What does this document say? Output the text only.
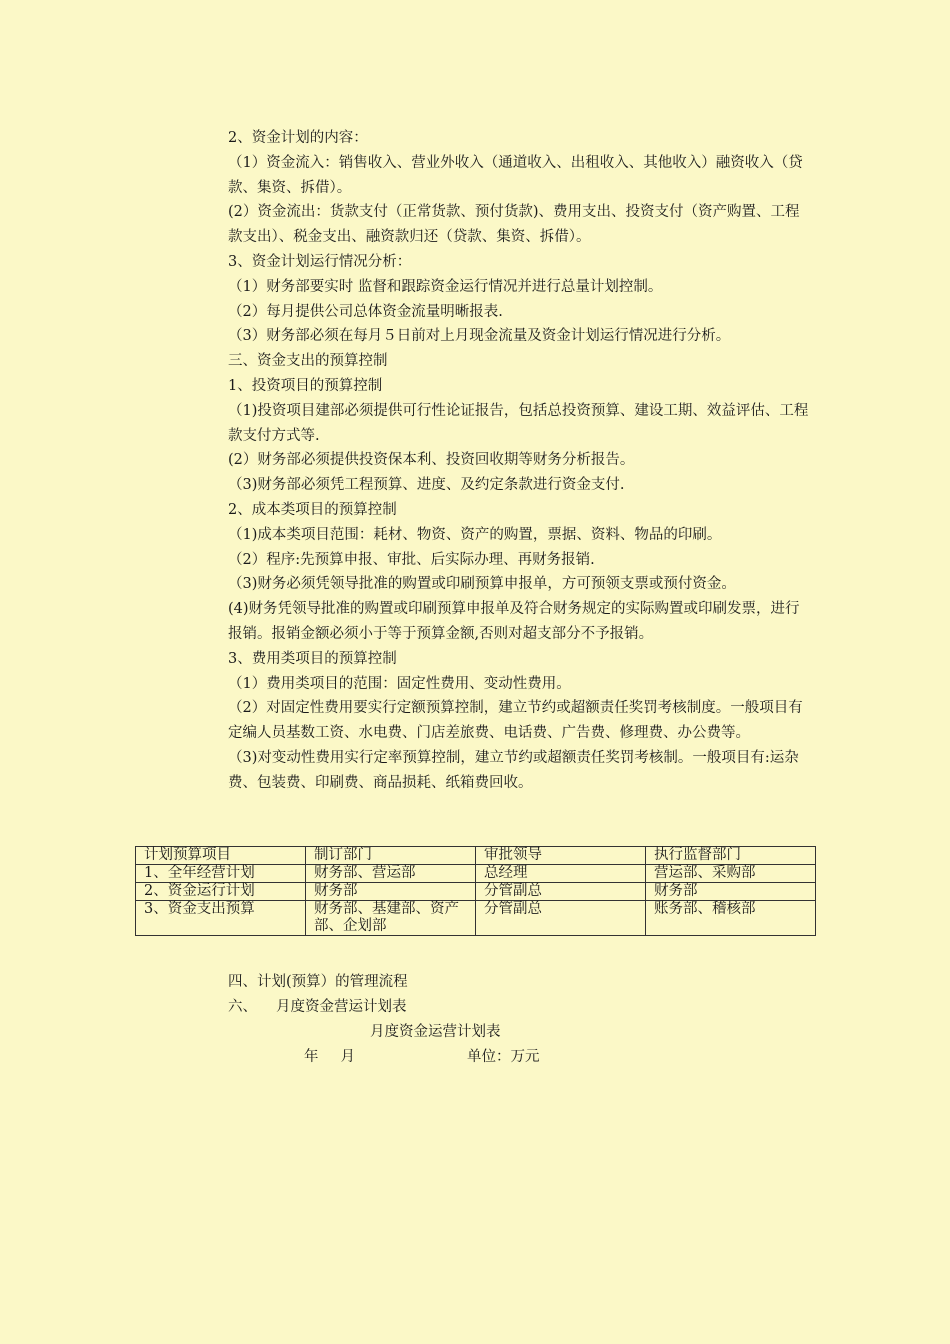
2、资金计划的内容：

（1）资金流入：销售收入、营业外收入（通道收入、出租收入、其他收入）融资收入（贷款、集资、拆借）。

(2）资金流出：货款支付（正常货款、预付货款)、费用支出、投资支付（资产购置、工程款支出）、税金支出、融资款归还（贷款、集资、拆借）。

3、资金计划运行情况分析：

（1）财务部要实时 监督和跟踪资金运行情况并进行总量计划控制。

（2）每月提供公司总体资金流量明晰报表.

（3）财务部必须在每月５日前对上月现金流量及资金计划运行情况进行分析。

三、资金支出的预算控制

1、投资项目的预算控制

（1)投资项目建部必须提供可行性论证报告，包括总投资预算、建设工期、效益评估、工程款支付方式等.

(2）财务部必须提供投资保本利、投资回收期等财务分析报告。

（3)财务部必须凭工程预算、进度、及约定条款进行资金支付.

2、成本类项目的预算控制

（1)成本类项目范围：耗材、物资、资产的购置，票据、资料、物品的印刷。

（2）程序:先预算申报、审批、后实际办理、再财务报销.

（3)财务必须凭领导批准的购置或印刷预算申报单，方可预领支票或预付资金。

(4)财务凭领导批准的购置或印刷预算申报单及符合财务规定的实际购置或印刷发票，进行报销。报销金额必须小于等于预算金额,否则对超支部分不予报销。

3、费用类项目的预算控制

（1）费用类项目的范围：固定性费用、变动性费用。

（2）对固定性费用要实行定额预算控制，建立节约或超额责任奖罚考核制度。一般项目有定编人员基数工资、水电费、门店差旅费、电话费、广告费、修理费、办公费等。

（3)对变动性费用实行定率预算控制，建立节约或超额责任奖罚考核制。一般项目有:运杂费、包装费、印刷费、商品损耗、纸箱费回收。

计划预算项目	制订部门	审批领导	执行监督部门
1、全年经营计划	财务部、营运部	总经理	营运部、采购部
2、资金运行计划	财务部	分管副总	财务部
3、资金支出预算	财务部、基建部、资产部、企划部	分管副总	账务部、稽核部

四、计划(预算）的管理流程

六、 月度资金营运计划表

月度资金运营计划表

年 月	单位：万元
